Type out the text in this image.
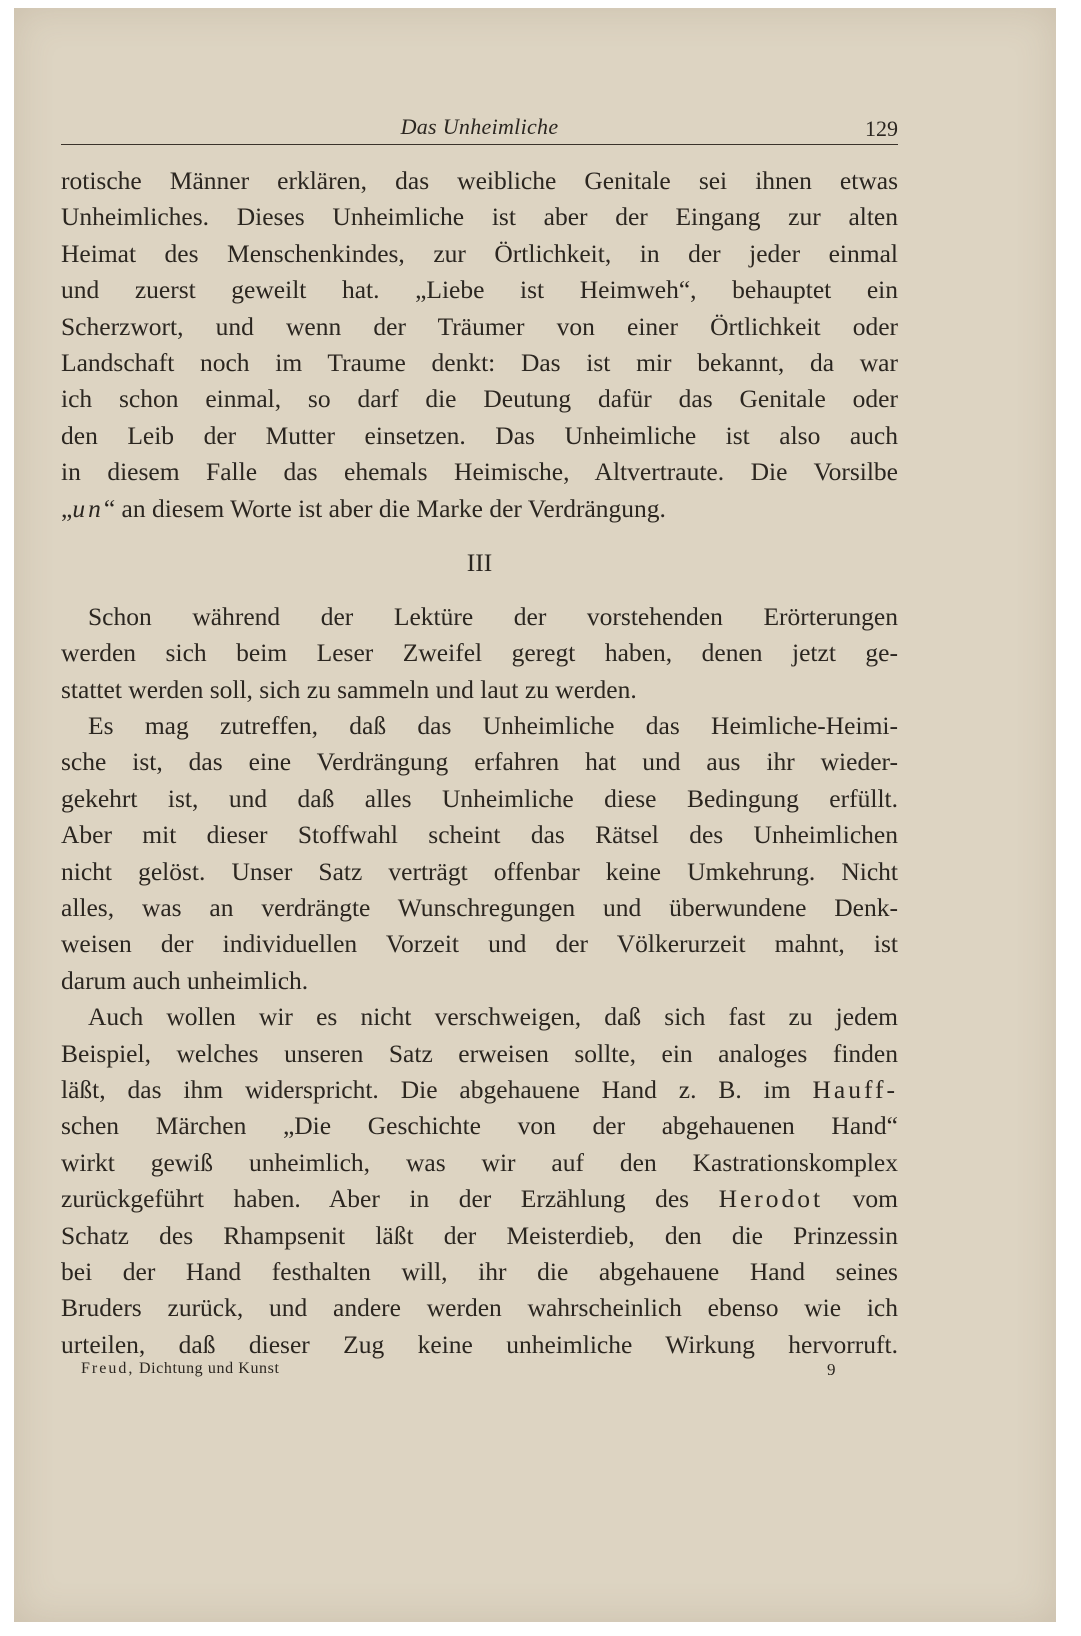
Das Unheimliche	129
rotische Männer erklären, das weibliche Genitale sei ihnen etwas
Unheimliches. Dieses Unheimliche ist aber der Eingang zur alten
Heimat des Menschenkindes, zur Örtlichkeit, in der jeder einmal
und zuerst geweilt hat. „Liebe ist Heimweh“, behauptet ein
Scherzwort, und wenn der Träumer von einer Örtlichkeit oder
Landschaft noch im Traume denkt: Das ist mir bekannt, da war
ich schon einmal, so darf die Deutung dafür das Genitale oder
den Leib der Mutter einsetzen. Das Unheimliche ist also auch
in diesem Falle das ehemals Heimische, Altvertraute. Die Vorsilbe
„un“ an diesem Worte ist aber die Marke der Verdrängung.
III
Schon während der Lektüre der vorstehenden Erörterungen
werden sich beim Leser Zweifel geregt haben, denen jetzt ge-
stattet werden soll, sich zu sammeln und laut zu werden.
Es mag zutreffen, daß das Unheimliche das Heimliche-Heimi-
sche ist, das eine Verdrängung erfahren hat und aus ihr wieder-
gekehrt ist, und daß alles Unheimliche diese Bedingung erfüllt.
Aber mit dieser Stoffwahl scheint das Rätsel des Unheimlichen
nicht gelöst. Unser Satz verträgt offenbar keine Umkehrung. Nicht
alles, was an verdrängte Wunschregungen und überwundene Denk-
weisen der individuellen Vorzeit und der Völkerurzeit mahnt, ist
darum auch unheimlich.
Auch wollen wir es nicht verschweigen, daß sich fast zu jedem
Beispiel, welches unseren Satz erweisen sollte, ein analoges finden
läßt, das ihm widerspricht. Die abgehauene Hand z. B. im Hauff-
schen Märchen „Die Geschichte von der abgehauenen Hand“
wirkt gewiß unheimlich, was wir auf den Kastrationskomplex
zurückgeführt haben. Aber in der Erzählung des Herodot vom
Schatz des Rhampsenit läßt der Meisterdieb, den die Prinzessin
bei der Hand festhalten will, ihr die abgehauene Hand seines
Bruders zurück, und andere werden wahrscheinlich ebenso wie ich
urteilen, daß dieser Zug keine unheimliche Wirkung hervorruft.
Freud, Dichtung und Kunst	9
